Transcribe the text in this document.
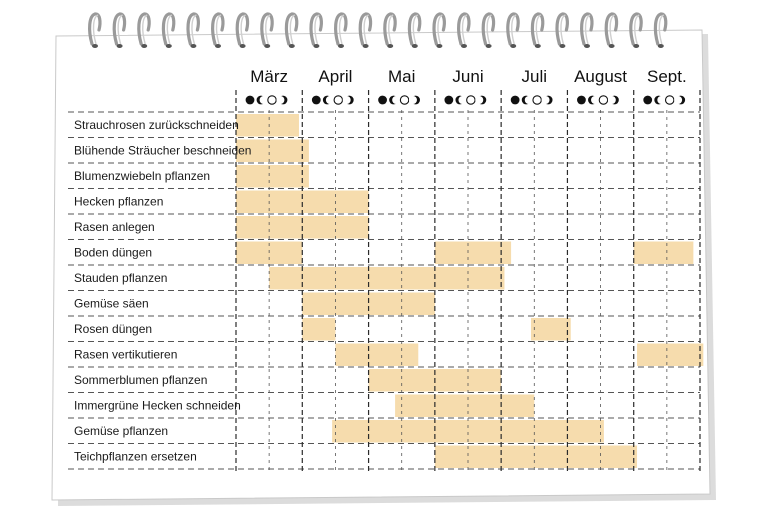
März April Mai Juni Juli August Sept.
Strauchrosen zurückschneiden
Blühende Sträucher beschneiden
Blumenzwiebeln pflanzen
Hecken pflanzen
Rasen anlegen
Boden düngen
Stauden pflanzen
Gemüse säen
Rosen düngen
Rasen vertikutieren
Sommerblumen pflanzen
Immergrüne Hecken schneiden
Gemüse pflanzen
Teichpflanzen ersetzen
